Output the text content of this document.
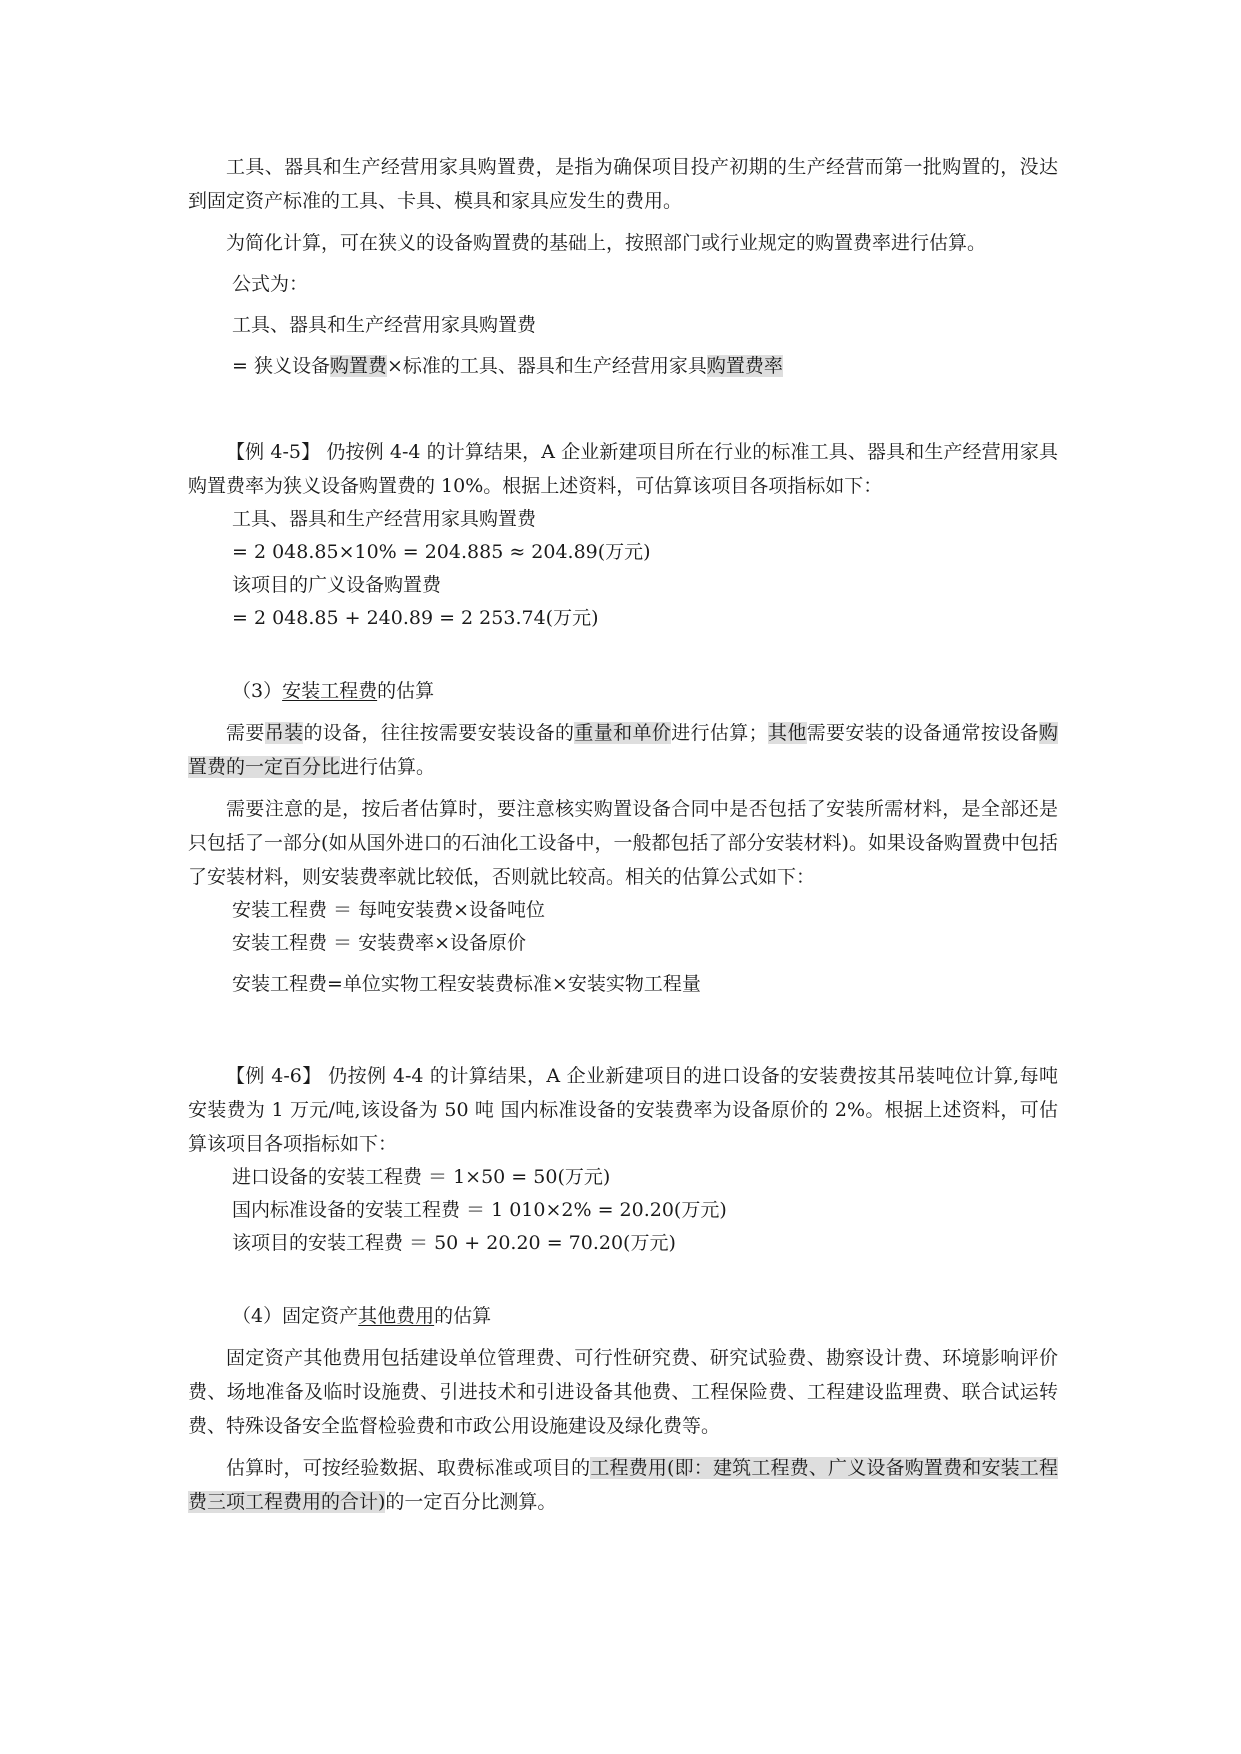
工具、器具和生产经营用家具购置费，是指为确保项目投产初期的生产经营而第一批购置的，没达到固定资产标准的工具、卡具、模具和家具应发生的费用。

为简化计算，可在狭义的设备购置费的基础上，按照部门或行业规定的购置费率进行估算。

公式为：

工具、器具和生产经营用家具购置费

= 狭义设备购置费×标准的工具、器具和生产经营用家具购置费率

【例 4-5】 仍按例 4-4 的计算结果，A 企业新建项目所在行业的标准工具、器具和生产经营用家具购置费率为狭义设备购置费的 10%。根据上述资料，可估算该项目各项指标如下：

工具、器具和生产经营用家具购置费

= 2 048.85×10% = 204.885 ≈ 204.89(万元)

该项目的广义设备购置费

= 2 048.85 + 240.89 = 2 253.74(万元)

（3）安装工程费的估算

需要吊装的设备，往往按需要安装设备的重量和单价进行估算；其他需要安装的设备通常按设备购置费的一定百分比进行估算。

需要注意的是，按后者估算时，要注意核实购置设备合同中是否包括了安装所需材料，是全部还是只包括了一部分(如从国外进口的石油化工设备中，一般都包括了部分安装材料)。如果设备购置费中包括了安装材料，则安装费率就比较低，否则就比较高。相关的估算公式如下：

安装工程费 ＝ 每吨安装费×设备吨位

安装工程费 ＝ 安装费率×设备原价

安装工程费=单位实物工程安装费标准×安装实物工程量

【例 4-6】 仍按例 4-4 的计算结果，A 企业新建项目的进口设备的安装费按其吊装吨位计算,每吨安装费为 1 万元/吨,该设备为 50 吨 国内标准设备的安装费率为设备原价的 2%。根据上述资料，可估算该项目各项指标如下：

进口设备的安装工程费 ＝ 1×50 = 50(万元)

国内标准设备的安装工程费 ＝ 1 010×2% = 20.20(万元)

该项目的安装工程费 ＝ 50 + 20.20 = 70.20(万元)

（4）固定资产其他费用的估算

固定资产其他费用包括建设单位管理费、可行性研究费、研究试验费、勘察设计费、环境影响评价费、场地准备及临时设施费、引进技术和引进设备其他费、工程保险费、工程建设监理费、联合试运转费、特殊设备安全监督检验费和市政公用设施建设及绿化费等。

估算时，可按经验数据、取费标准或项目的工程费用(即：建筑工程费、广义设备购置费和安装工程费三项工程费用的合计)的一定百分比测算。
